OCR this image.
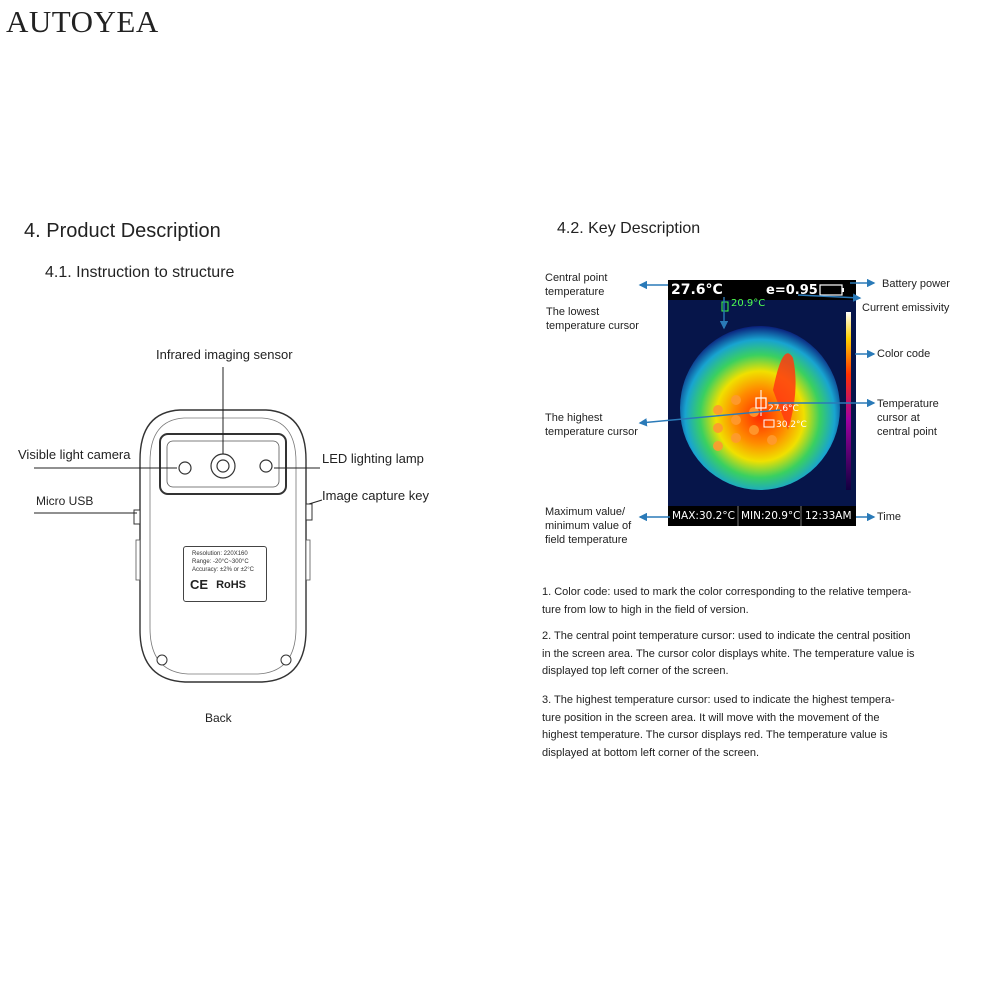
AUTOYEA
4. Product Description
4.1. Instruction to structure
4.2. Key Description
Resolution: 220X160
Range: -20°C~300°C
Accuracy: ±2% or ±2°C
CE RoHS
Infrared imaging sensor
Visible light camera	LED lighting lamp
Micro USB	Image capture key
Back
27.6°C	e=0.95
20.9°C
27.6°C
30.2°C
MAX:30.2°C MIN:20.9°C 12:33AM
Central point
temperature
The lowest
temperature cursor
The highest
temperature cursor
Maximum value/
minimum value of
field temperature
Battery power
Current emissivity
Color code
Temperature
cursor at
central point
Time
1. Color code: used to mark the color corresponding to the relative tempera-
ture from low to high in the field of version.
2. The central point temperature cursor: used to indicate the central position
in the screen area. The cursor color displays white. The temperature value is
displayed top left corner of the screen.
3. The highest temperature cursor: used to indicate the highest tempera-
ture position in the screen area. It will move with the movement of the
highest temperature. The cursor displays red. The temperature value is
displayed at bottom left corner of the screen.
